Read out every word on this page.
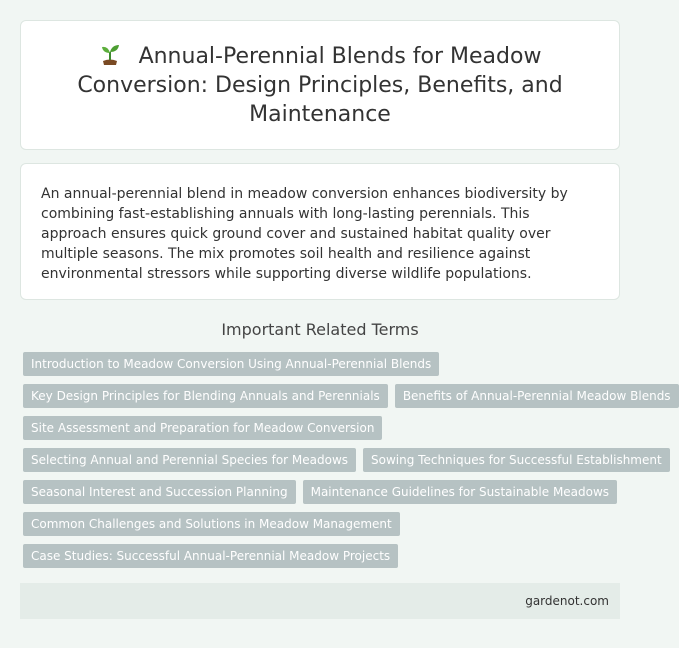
Annual-Perennial Blends for Meadow Conversion: Design Principles, Benefits, and Maintenance

An annual-perennial blend in meadow conversion enhances biodiversity by combining fast-establishing annuals with long-lasting perennials. This approach ensures quick ground cover and sustained habitat quality over multiple seasons. The mix promotes soil health and resilience against environmental stressors while supporting diverse wildlife populations.

Important Related Terms
Introduction to Meadow Conversion Using Annual-Perennial Blends
Key Design Principles for Blending Annuals and Perennials	Benefits of Annual-Perennial Meadow Blends
Site Assessment and Preparation for Meadow Conversion
Selecting Annual and Perennial Species for Meadows	Sowing Techniques for Successful Establishment
Seasonal Interest and Succession Planning	Maintenance Guidelines for Sustainable Meadows
Common Challenges and Solutions in Meadow Management
Case Studies: Successful Annual-Perennial Meadow Projects
gardenot.com
